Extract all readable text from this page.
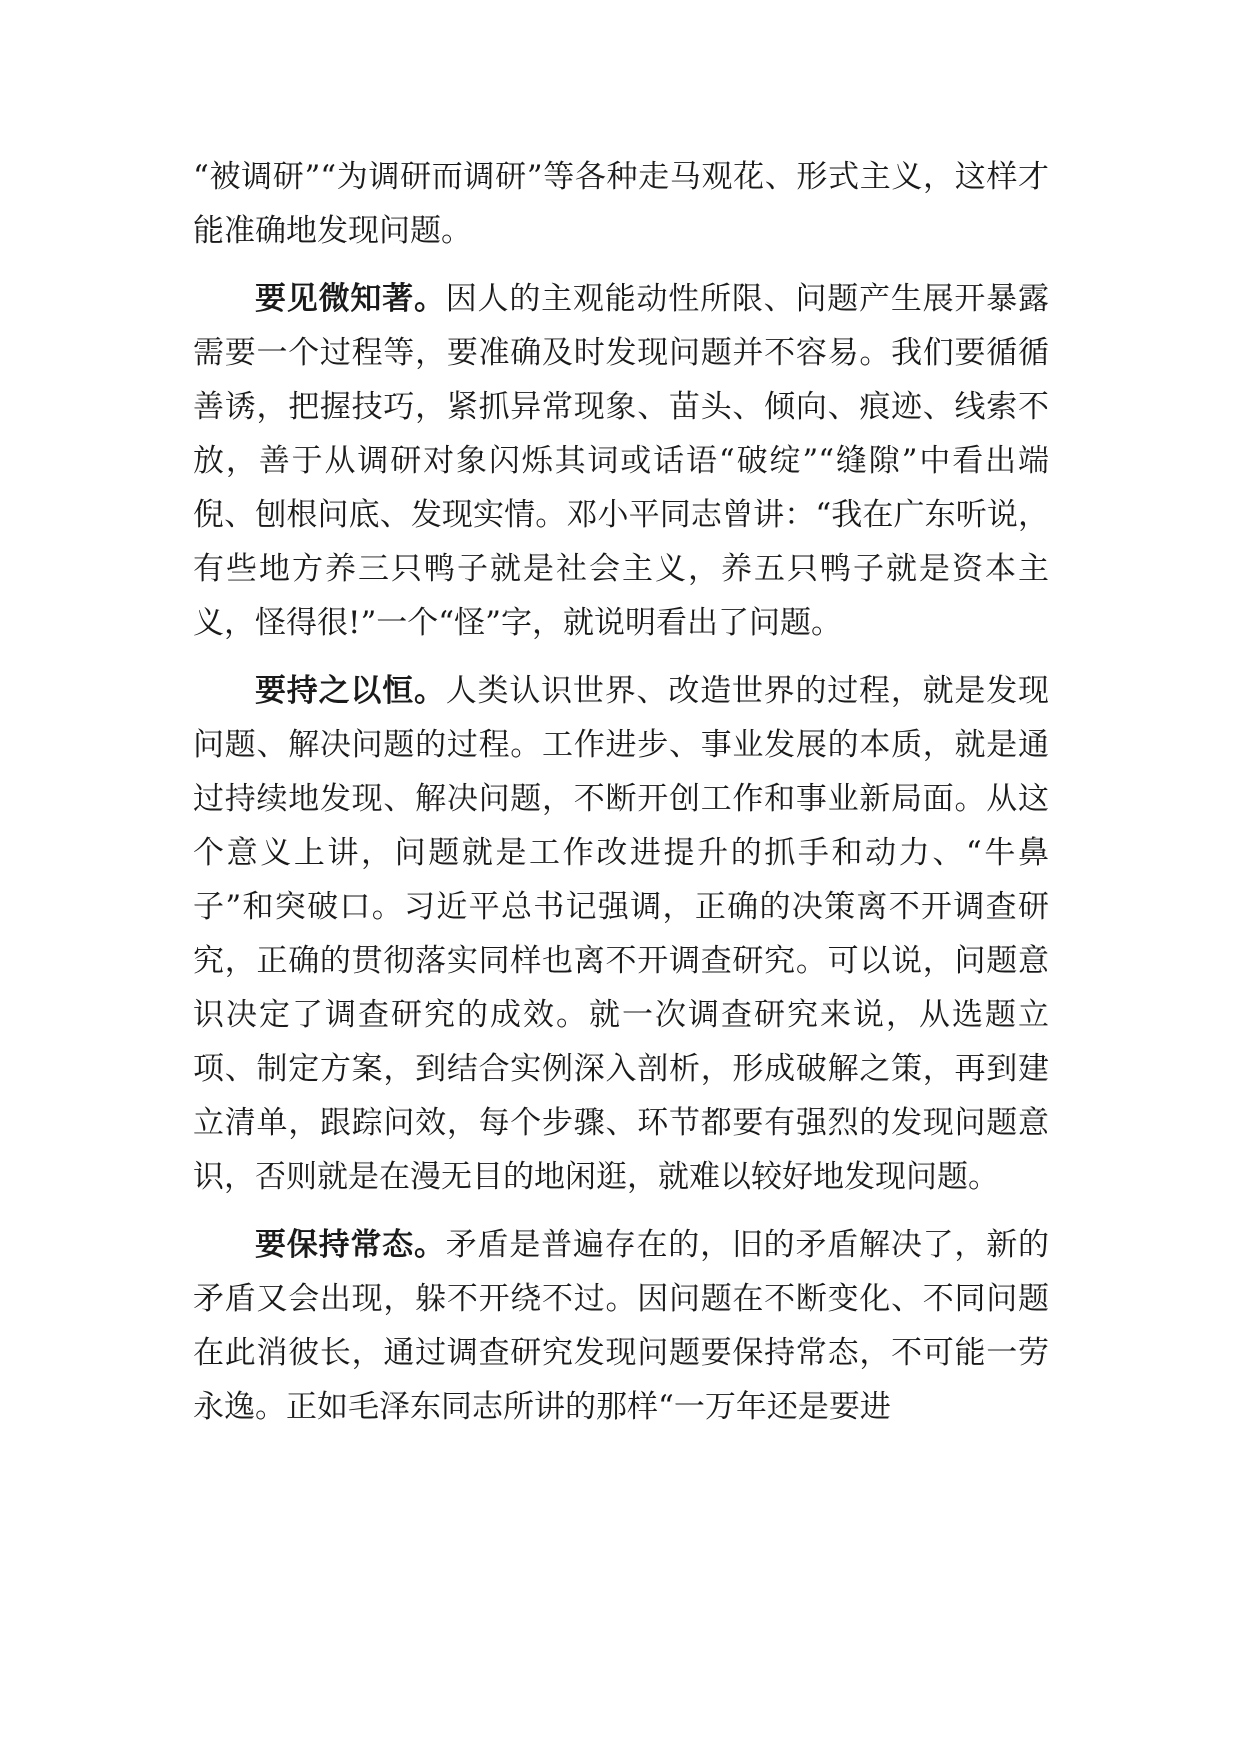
“被调研”“为调研而调研”等各种走马观花、形式主义，这样才能准确地发现问题。

要见微知著。因人的主观能动性所限、问题产生展开暴露需要一个过程等，要准确及时发现问题并不容易。我们要循循善诱，把握技巧，紧抓异常现象、苗头、倾向、痕迹、线索不放，善于从调研对象闪烁其词或话语“破绽”“缝隙”中看出端倪、刨根问底、发现实情。邓小平同志曾讲：“我在广东听说，有些地方养三只鸭子就是社会主义，养五只鸭子就是资本主义，怪得很!”一个“怪”字，就说明看出了问题。

要持之以恒。人类认识世界、改造世界的过程，就是发现问题、解决问题的过程。工作进步、事业发展的本质，就是通过持续地发现、解决问题，不断开创工作和事业新局面。从这个意义上讲，问题就是工作改进提升的抓手和动力、“牛鼻子”和突破口。习近平总书记强调，正确的决策离不开调查研究，正确的贯彻落实同样也离不开调查研究。可以说，问题意识决定了调查研究的成效。就一次调查研究来说，从选题立项、制定方案，到结合实例深入剖析，形成破解之策，再到建立清单，跟踪问效，每个步骤、环节都要有强烈的发现问题意识，否则就是在漫无目的地闲逛，就难以较好地发现问题。

要保持常态。矛盾是普遍存在的，旧的矛盾解决了，新的矛盾又会出现，躲不开绕不过。因问题在不断变化、不同问题在此消彼长，通过调查研究发现问题要保持常态，不可能一劳永逸。正如毛泽东同志所讲的那样“一万年还是要进
